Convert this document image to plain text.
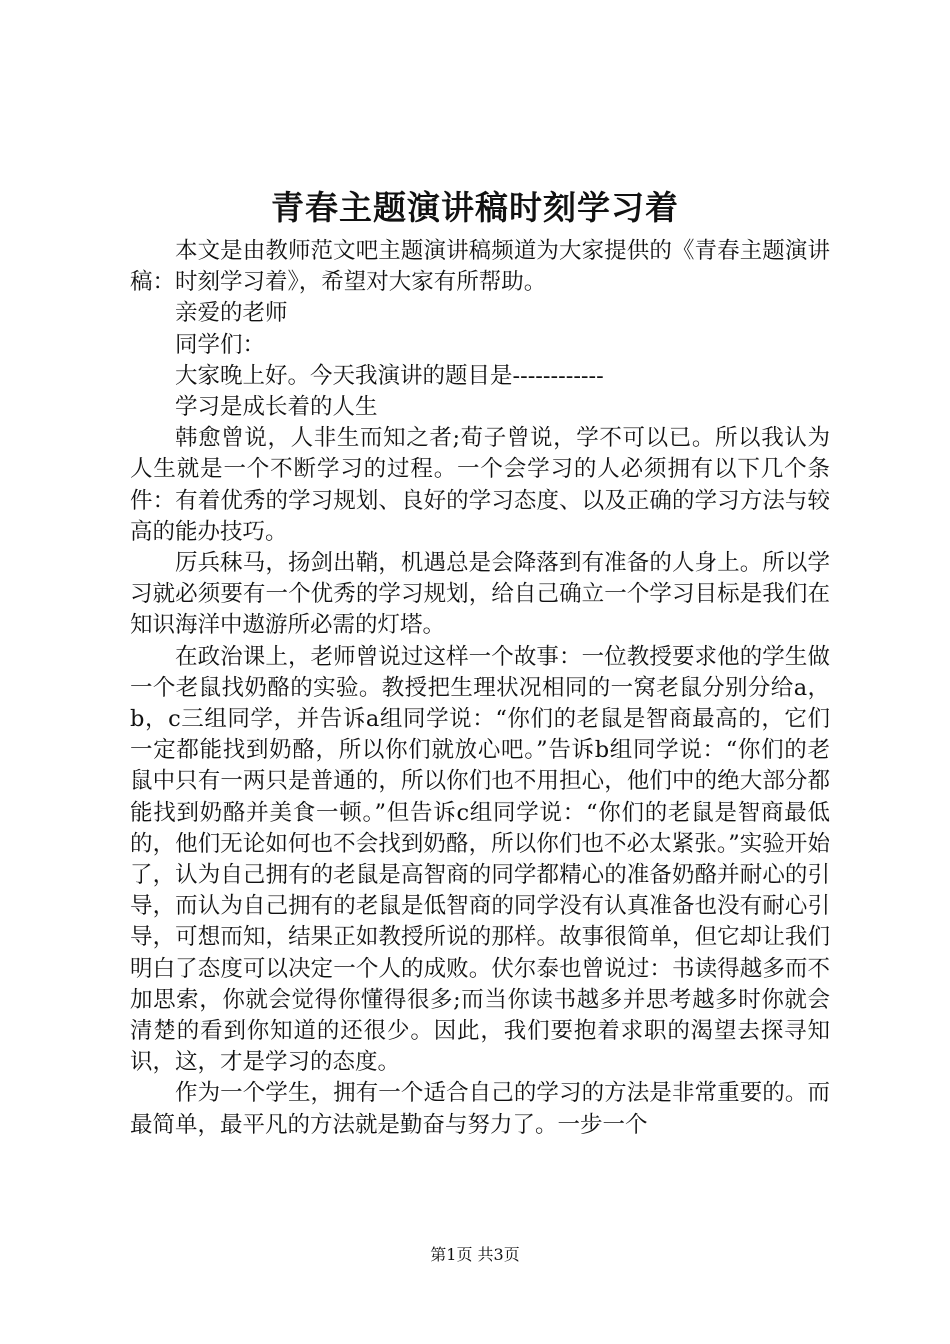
青春主题演讲稿时刻学习着

本文是由教师范文吧主题演讲稿频道为大家提供的《青春主题演讲稿：时刻学习着》，希望对大家有所帮助。

亲爱的老师

同学们：

大家晚上好。今天我演讲的题目是------------

学习是成长着的人生

韩愈曾说，人非生而知之者;荀子曾说，学不可以已。所以我认为人生就是一个不断学习的过程。一个会学习的人必须拥有以下几个条件：有着优秀的学习规划、良好的学习态度、以及正确的学习方法与较高的能办技巧。

厉兵秣马，扬剑出鞘，机遇总是会降落到有准备的人身上。所以学习就必须要有一个优秀的学习规划，给自己确立一个学习目标是我们在知识海洋中遨游所必需的灯塔。

在政治课上，老师曾说过这样一个故事：一位教授要求他的学生做一个老鼠找奶酪的实验。教授把生理状况相同的一窝老鼠分别分给a，b，c三组同学，并告诉a组同学说：“你们的老鼠是智商最高的，它们一定都能找到奶酪，所以你们就放心吧。”告诉b组同学说：“你们的老鼠中只有一两只是普通的，所以你们也不用担心，他们中的绝大部分都能找到奶酪并美食一顿。”但告诉c组同学说：“你们的老鼠是智商最低的，他们无论如何也不会找到奶酪，所以你们也不必太紧张。”实验开始了，认为自己拥有的老鼠是高智商的同学都精心的准备奶酪并耐心的引导，而认为自己拥有的老鼠是低智商的同学没有认真准备也没有耐心引导，可想而知，结果正如教授所说的那样。故事很简单，但它却让我们明白了态度可以决定一个人的成败。伏尔泰也曾说过：书读得越多而不加思索，你就会觉得你懂得很多;而当你读书越多并思考越多时你就会清楚的看到你知道的还很少。因此，我们要抱着求职的渴望去探寻知识，这，才是学习的态度。

作为一个学生，拥有一个适合自己的学习的方法是非常重要的。而最简单，最平凡的方法就是勤奋与努力了。一步一个

第1页 共3页
